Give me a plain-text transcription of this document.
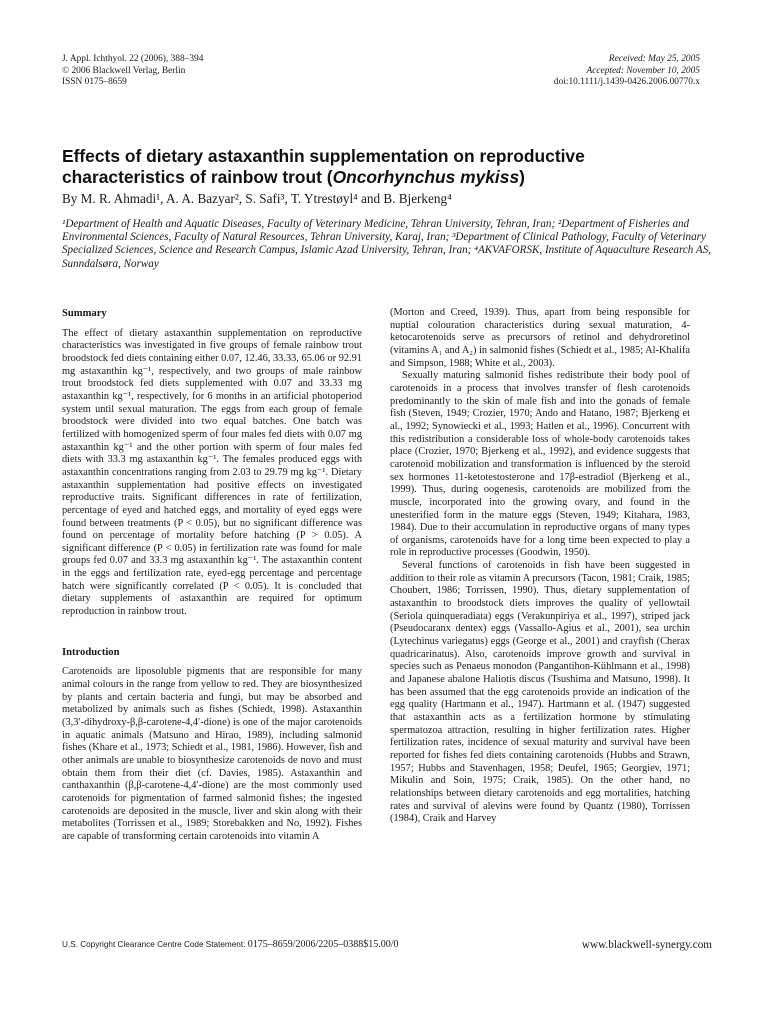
J. Appl. Ichthyol. 22 (2006), 388–394
© 2006 Blackwell Verlag, Berlin
ISSN 0175–8659
Received: May 25, 2005
Accepted: November 10, 2005
doi:10.1111/j.1439-0426.2006.00770.x
Effects of dietary astaxanthin supplementation on reproductive characteristics of rainbow trout (Oncorhynchus mykiss)
By M. R. Ahmadi¹, A. A. Bazyar², S. Safi³, T. Ytrestøyl⁴ and B. Bjerkeng⁴
¹Department of Health and Aquatic Diseases, Faculty of Veterinary Medicine, Tehran University, Tehran, Iran; ²Department of Fisheries and Environmental Sciences, Faculty of Natural Resources, Tehran University, Karaj, Iran; ³Department of Clinical Pathology, Faculty of Veterinary Specialized Sciences, Science and Research Campus, Islamic Azad University, Tehran, Iran; ⁴AKVAFORSK, Institute of Aquaculture Research AS, Sunndalsøra, Norway

Summary

The effect of dietary astaxanthin supplementation on reproductive characteristics was investigated in five groups of female rainbow trout broodstock fed diets containing either 0.07, 12.46, 33.33, 65.06 or 92.91 mg astaxanthin kg⁻¹, respectively, and two groups of male rainbow trout broodstock fed diets supplemented with 0.07 and 33.33 mg astaxanthin kg⁻¹, respectively, for 6 months in an artificial photoperiod system until sexual maturation. The eggs from each group of female broodstock were divided into two equal batches. One batch was fertilized with homogenized sperm of four males fed diets with 0.07 mg astaxanthin kg⁻¹ and the other portion with sperm of four males fed diets with 33.3 mg astaxanthin kg⁻¹. The females produced eggs with astaxanthin concentrations ranging from 2.03 to 29.79 mg kg⁻¹. Dietary astaxanthin supplementation had positive effects on investigated reproductive traits. Significant differences in rate of fertilization, percentage of eyed and hatched eggs, and mortality of eyed eggs were found between treatments (P < 0.05), but no significant difference was found on percentage of mortality before hatching (P > 0.05). A significant difference (P < 0.05) in fertilization rate was found for male groups fed 0.07 and 33.3 mg astaxanthin kg⁻¹. The astaxanthin content in the eggs and fertilization rate, eyed-egg percentage and percentage hatch were significantly correlated (P < 0.05). It is concluded that dietary supplements of astaxanthin are required for optimum reproduction in rainbow trout.

Introduction

Carotenoids are liposoluble pigments that are responsible for many animal colours in the range from yellow to red. They are biosynthesized by plants and certain bacteria and fungi, but may be absorbed and metabolized by animals such as fishes (Schiedt, 1998). Astaxanthin (3,3′-dihydroxy-β,β-carotene-4,4′-dione) is one of the major carotenoids in aquatic animals (Matsuno and Hirao, 1989), including salmonid fishes (Khare et al., 1973; Schiedt et al., 1981, 1986). However, fish and other animals are unable to biosynthesize carotenoids de novo and must obtain them from their diet (cf. Davies, 1985). Astaxanthin and canthaxanthin (β,β-carotene-4,4′-dione) are the most commonly used carotenoids for pigmentation of farmed salmonid fishes; the ingested carotenoids are deposited in the muscle, liver and skin along with their metabolites (Torrissen et al., 1989; Storebakken and No, 1992). Fishes are capable of transforming certain carotenoids into vitamin A

(Morton and Creed, 1939). Thus, apart from being responsible for nuptial colouration characteristics during sexual maturation, 4-ketocarotenoids serve as precursors of retinol and dehydroretinol (vitamins A₁ and A₂) in salmonid fishes (Schiedt et al., 1985; Al-Khalifa and Simpson, 1988; White et al., 2003).

Sexually maturing salmonid fishes redistribute their body pool of carotenoids in a process that involves transfer of flesh carotenoids predominantly to the skin of male fish and into the gonads of female fish (Steven, 1949; Crozier, 1970; Ando and Hatano, 1987; Bjerkeng et al., 1992; Synowiecki et al., 1993; Hatlen et al., 1996). Concurrent with this redistribution a considerable loss of whole-body carotenoids takes place (Crozier, 1970; Bjerkeng et al., 1992), and evidence suggests that carotenoid mobilization and transformation is influenced by the steroid sex hormones 11-ketotestosterone and 17β-estradiol (Bjerkeng et al., 1999). Thus, during oogenesis, carotenoids are mobilized from the muscle, incorporated into the growing ovary, and found in the unesterified form in the mature eggs (Steven, 1949; Kitahara, 1983, 1984). Due to their accumulation in reproductive organs of many types of organisms, carotenoids have for a long time been expected to play a role in reproductive processes (Goodwin, 1950).

Several functions of carotenoids in fish have been suggested in addition to their role as vitamin A precursors (Tacon, 1981; Craik, 1985; Choubert, 1986; Torrissen, 1990). Thus, dietary supplementation of astaxanthin to broodstock diets improves the quality of yellowtail (Seriola quinqueradiata) eggs (Verakunpiriya et al., 1997), striped jack (Pseudocaranx dentex) eggs (Vassallo-Agius et al., 2001), sea urchin (Lytechinus variegatus) eggs (George et al., 2001) and crayfish (Cherax quadricarinatus). Also, carotenoids improve growth and survival in species such as Penaeus monodon (Pangantihon-Kühlmann et al., 1998) and Japanese abalone Haliotis discus (Tsushima and Matsuno, 1998). It has been assumed that the egg carotenoids provide an indication of the egg quality (Hartmann et al., 1947). Hartmann et al. (1947) suggested that astaxanthin acts as a fertilization hormone by stimulating spermatozoa attraction, resulting in higher fertilization rates. Higher fertilization rates, incidence of sexual maturity and survival have been reported for fishes fed diets containing carotenoids (Hubbs and Strawn, 1957; Hubbs and Stavenhagen, 1958; Deufel, 1965; Georgiev, 1971; Mikulin and Soin, 1975; Craik, 1985). On the other hand, no relationships between dietary carotenoids and egg mortalities, hatching rates and survival of alevins were found by Quantz (1980), Torrissen (1984), Craik and Harvey

U.S. Copyright Clearance Centre Code Statement: 0175–8659/2006/2205–0388$15.00/0	www.blackwell-synergy.com
